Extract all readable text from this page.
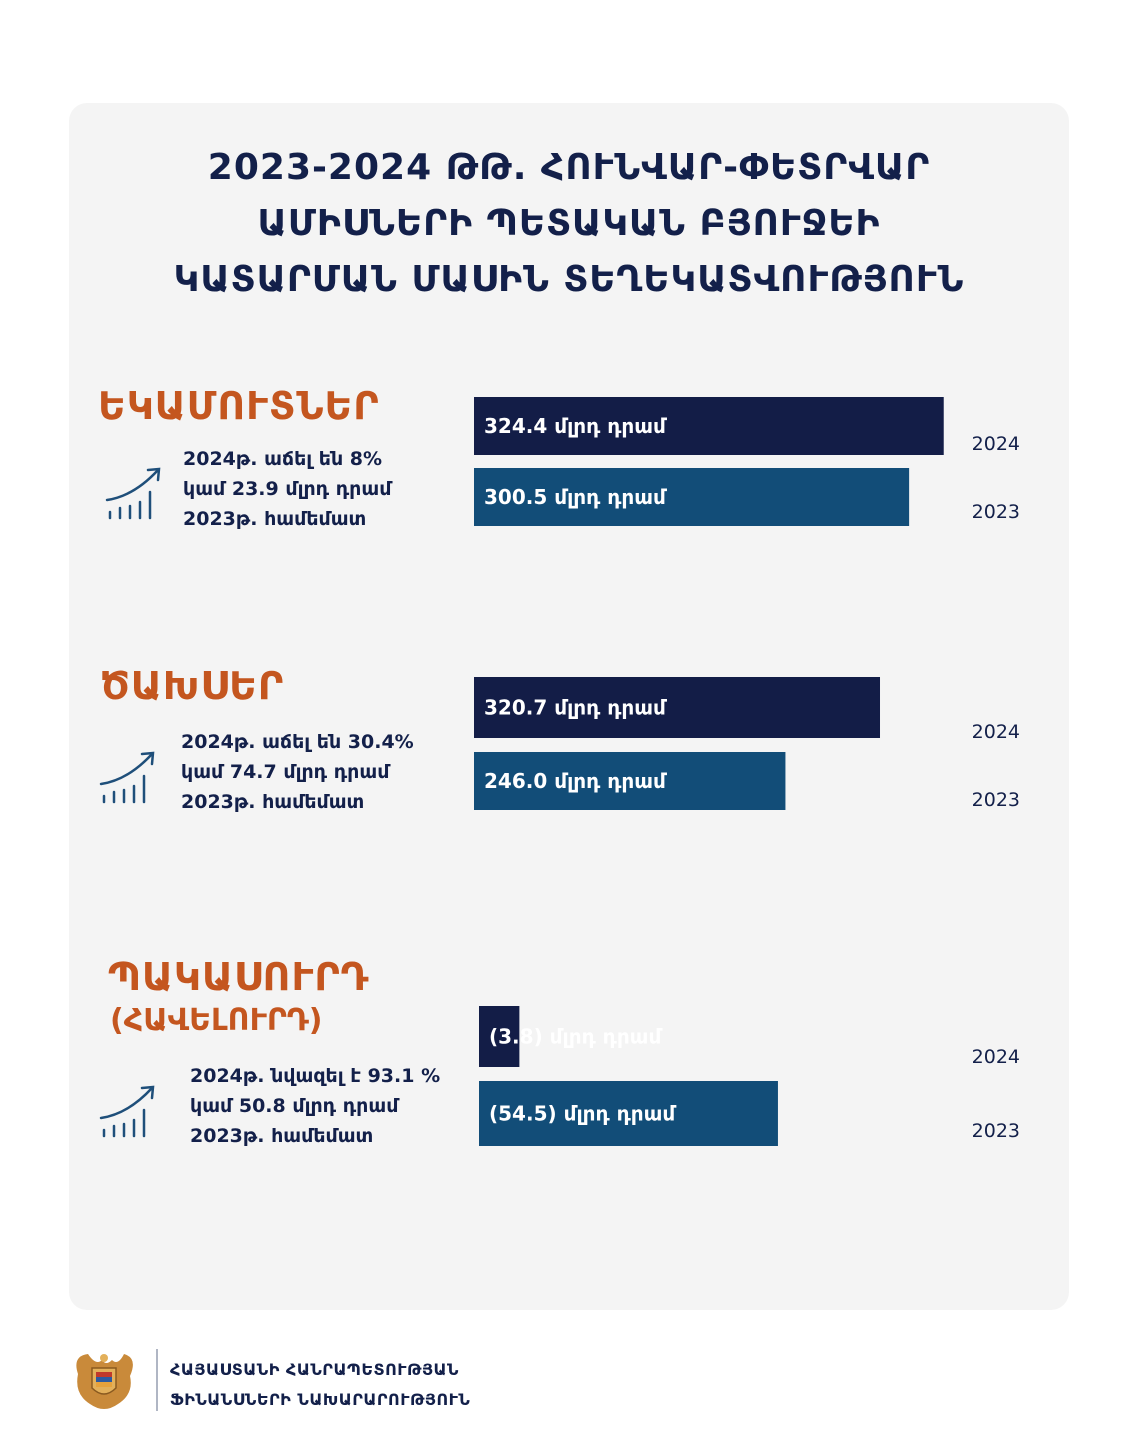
2023-2024 ԹԹ. ՀՈՒՆՎԱՐ-ՓԵՏՐՎԱՐ
ԱՄԻՍՆԵՐԻ ՊԵՏԱԿԱՆ ԲՅՈՒՋԵԻ
ԿԱՏԱՐՄԱՆ ՄԱՍԻՆ ՏԵՂԵԿԱՏՎՈՒԹՅՈՒՆ
ԵԿԱՄՈՒՏՆԵՐ
2024թ. աճել են 8%
կամ 23.9 մլրդ դրամ
2023թ. համեմատ
ԾԱԽՍԵՐ
2024թ. աճել են 30.4%
կամ 74.7 մլրդ դրամ
2023թ. համեմատ
ՊԱԿԱՍՈՒՐԴ
(ՀԱՎԵԼՈՒՐԴ)
2024թ. նվազել է 93.1 %
կամ 50.8 մլրդ դրամ
2023թ. համեմատ
324.4 մլրդ դրամ
2024
300.5 մլրդ դրամ
2023
320.7 մլրդ դրամ
2024
246.0 մլրդ դրամ
2023
(3.8) մլրդ դրամ
2024
(54.5) մլրդ դրամ
2023
ՀԱՅԱՍՏԱՆԻ ՀԱՆՐԱՊԵՏՈՒԹՅԱՆ
ՖԻՆԱՆՍՆԵՐԻ ՆԱԽԱՐԱՐՈՒԹՅՈՒՆ
